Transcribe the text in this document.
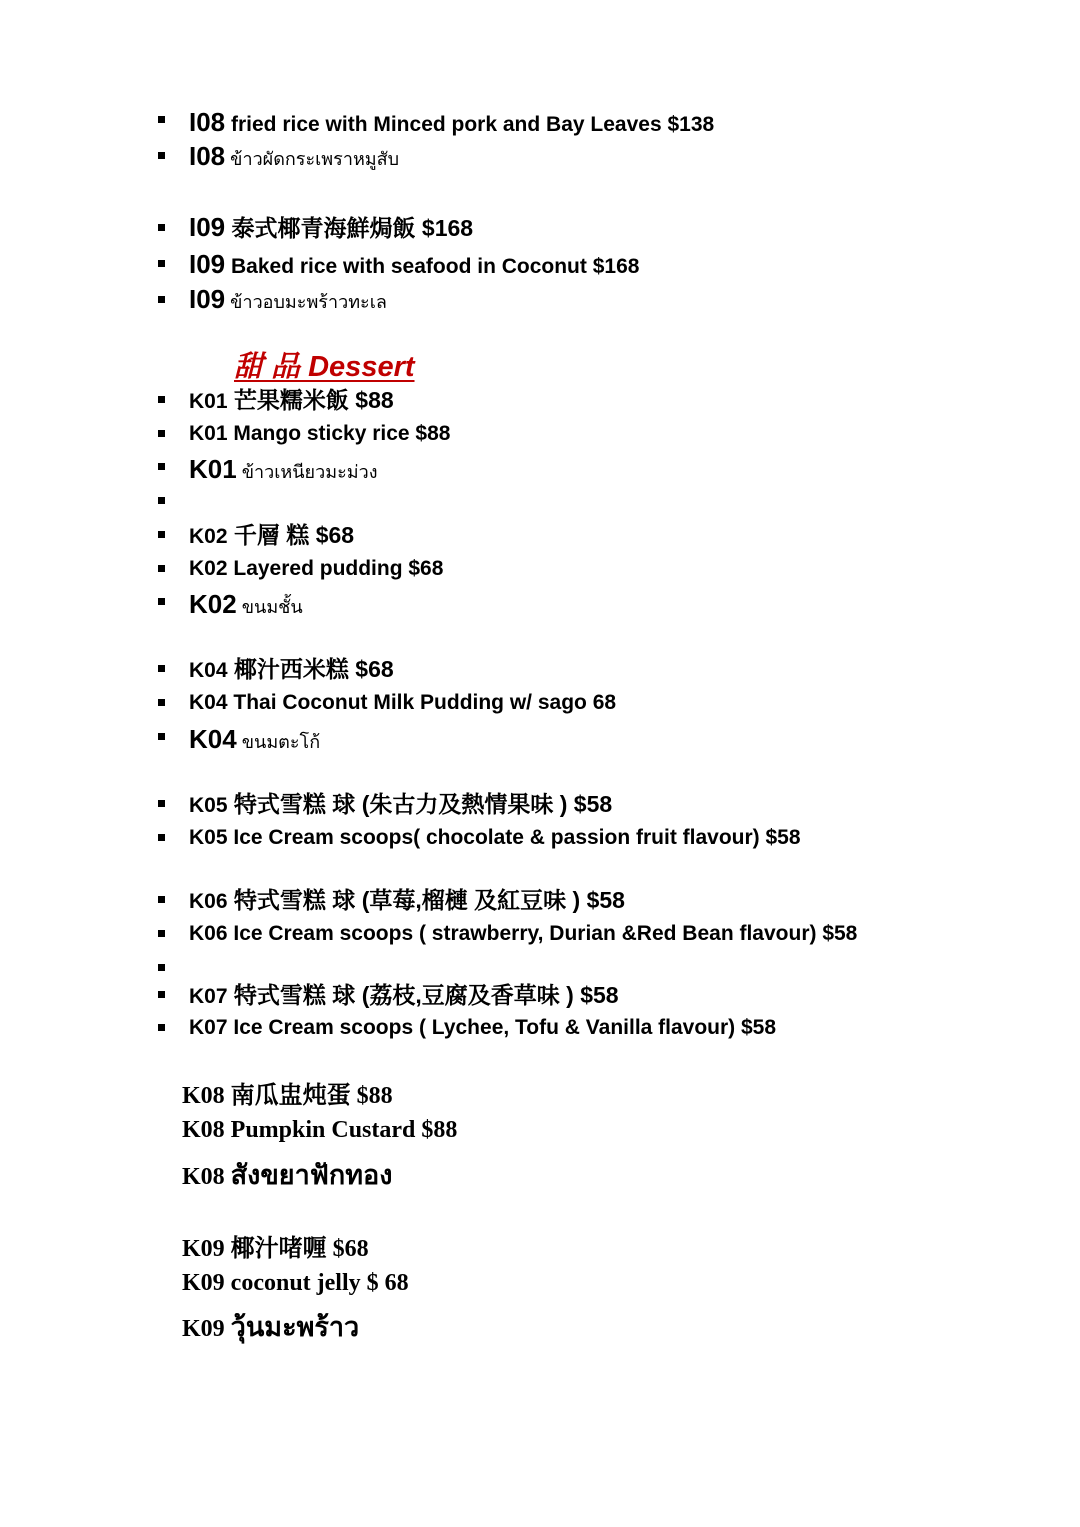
I08 fried rice with Minced pork and Bay Leaves $138
I08 ข้าวผัดกระเพราหมูสับ
I09 泰式椰青海鮮焗飯 $168
I09 Baked rice with seafood in Coconut $168
I09 ข้าวอบมะพร้าวทะเล
甜 品 Dessert
K01 芒果糯米飯 $88
K01 Mango sticky rice $88
K01 ข้าวเหนียวมะม่วง
K02 千層 糕 $68
K02 Layered pudding $68
K02 ขนมชั้น
K04 椰汁西米糕 $68
K04 Thai Coconut Milk Pudding w/ sago 68
K04 ขนมตะโก้
K05 特式雪糕 球 (朱古力及熱情果味 ) $58
K05 Ice Cream scoops( chocolate & passion fruit flavour) $58
K06 特式雪糕 球 (草莓,榴槤 及紅豆味 ) $58
K06 Ice Cream scoops ( strawberry, Durian &Red Bean flavour) $58
K07 特式雪糕 球 (荔枝,豆腐及香草味 ) $58
K07 Ice Cream scoops ( Lychee, Tofu & Vanilla flavour) $58
K08 南瓜盅炖蛋 $88
K08 Pumpkin Custard $88
K08 สังขยาฟักทอง
K09 椰汁啫喱 $68
K09 coconut jelly $ 68
K09 วุ้นมะพร้าว
